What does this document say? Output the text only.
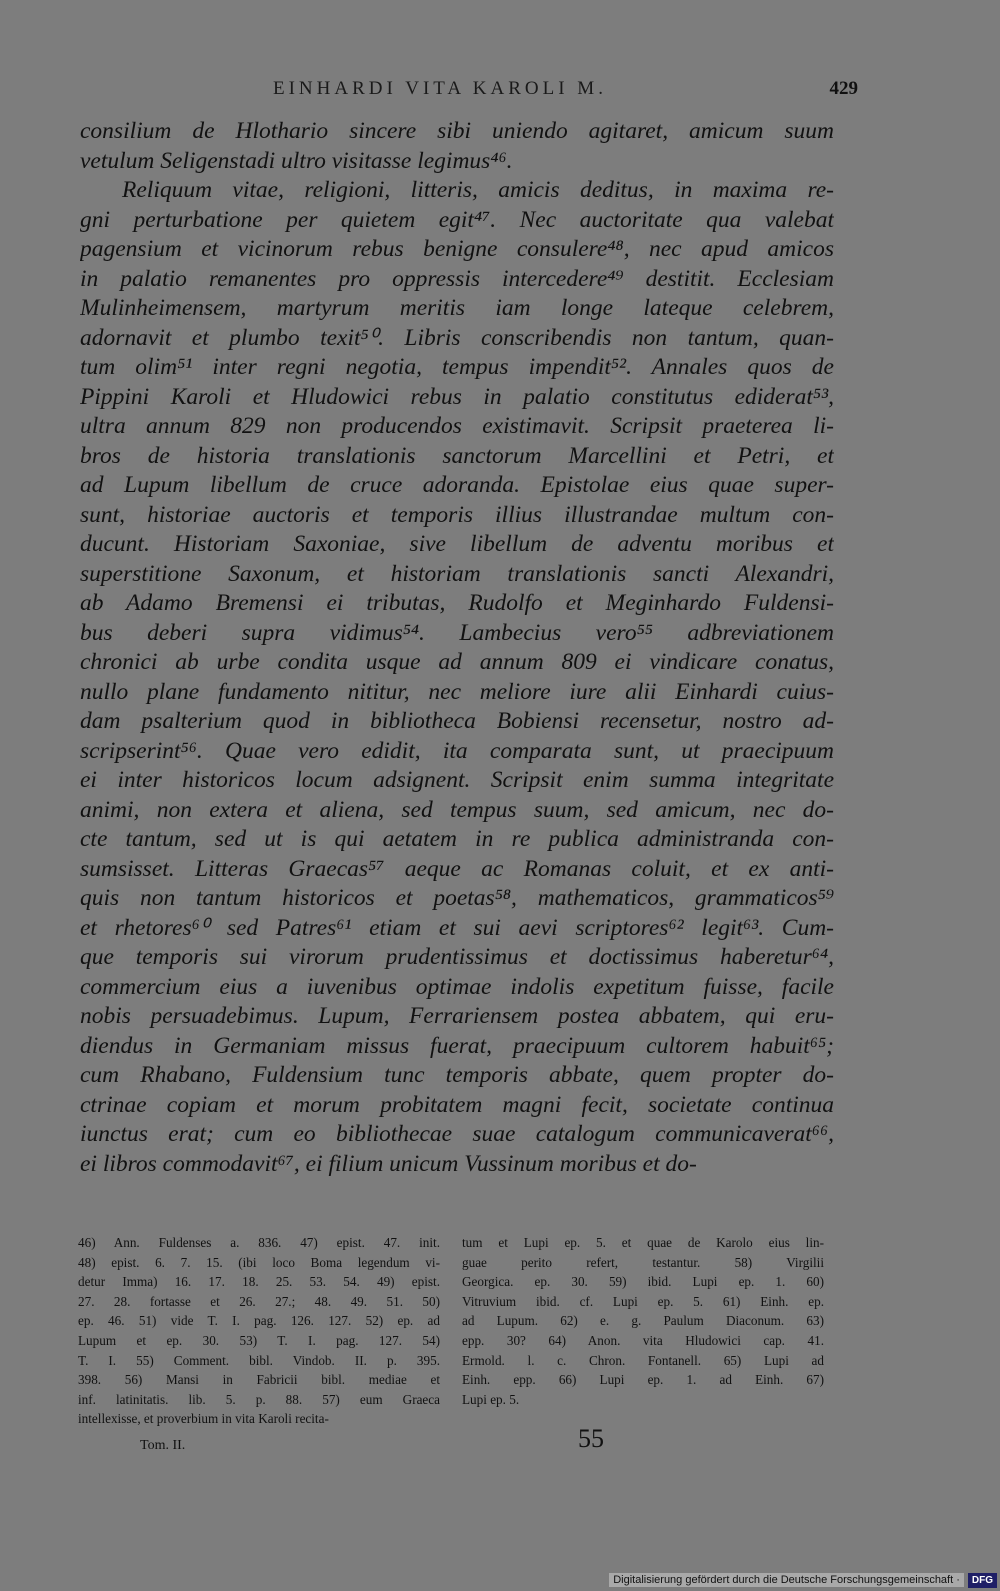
EINHARDI VITA KAROLI M.	429
consilium de Hlothario sincere sibi uniendo agitaret, amicum suum
vetulum Seligenstadi ultro visitasse legimus⁴⁶.
Reliquum vitae, religioni, litteris, amicis deditus, in maxima re-
gni perturbatione per quietem egit⁴⁷. Nec auctoritate qua valebat
pagensium et vicinorum rebus benigne consulere⁴⁸, nec apud amicos
in palatio remanentes pro oppressis intercedere⁴⁹ destitit. Ecclesiam
Mulinheimensem, martyrum meritis iam longe lateque celebrem,
adornavit et plumbo texit⁵⁰. Libris conscribendis non tantum, quan-
tum olim⁵¹ inter regni negotia, tempus impendit⁵². Annales quos de
Pippini Karoli et Hludowici rebus in palatio constitutus ediderat⁵³,
ultra annum 829 non producendos existimavit. Scripsit praeterea li-
bros de historia translationis sanctorum Marcellini et Petri, et
ad Lupum libellum de cruce adoranda. Epistolae eius quae super-
sunt, historiae auctoris et temporis illius illustrandae multum con-
ducunt. Historiam Saxoniae, sive libellum de adventu moribus et
superstitione Saxonum, et historiam translationis sancti Alexandri,
ab Adamo Bremensi ei tributas, Rudolfo et Meginhardo Fuldensi-
bus deberi supra vidimus⁵⁴. Lambecius vero⁵⁵ adbreviationem
chronici ab urbe condita usque ad annum 809 ei vindicare conatus,
nullo plane fundamento nititur, nec meliore iure alii Einhardi cuius-
dam psalterium quod in bibliotheca Bobiensi recensetur, nostro ad-
scripserint⁵⁶. Quae vero edidit, ita comparata sunt, ut praecipuum
ei inter historicos locum adsignent. Scripsit enim summa integritate
animi, non extera et aliena, sed tempus suum, sed amicum, nec do-
cte tantum, sed ut is qui aetatem in re publica administranda con-
sumsisset. Litteras Graecas⁵⁷ aeque ac Romanas coluit, et ex anti-
quis non tantum historicos et poetas⁵⁸, mathematicos, grammaticos⁵⁹
et rhetores⁶⁰ sed Patres⁶¹ etiam et sui aevi scriptores⁶² legit⁶³. Cum-
que temporis sui virorum prudentissimus et doctissimus haberetur⁶⁴,
commercium eius a iuvenibus optimae indolis expetitum fuisse, facile
nobis persuadebimus. Lupum, Ferrariensem postea abbatem, qui eru-
diendus in Germaniam missus fuerat, praecipuum cultorem habuit⁶⁵;
cum Rhabano, Fuldensium tunc temporis abbate, quem propter do-
ctrinae copiam et morum probitatem magni fecit, societate continua
iunctus erat; cum eo bibliothecae suae catalogum communicaverat⁶⁶,
ei libros commodavit⁶⁷, ei filium unicum Vussinum moribus et do-
46) Ann. Fuldenses a. 836. 47) epist. 47. init.
48) epist. 6. 7. 15. (ibi loco Boma legendum vi-
detur Imma) 16. 17. 18. 25. 53. 54. 49) epist.
27. 28. fortasse et 26. 27.; 48. 49. 51. 50)
ep. 46. 51) vide T. I. pag. 126. 127. 52) ep. ad
Lupum et ep. 30. 53) T. I. pag. 127. 54)
T. I. 55) Comment. bibl. Vindob. II. p. 395.
398. 56) Mansi in Fabricii bibl. mediae et
inf. latinitatis. lib. 5. p. 88. 57) eum Graeca
intellexisse, et proverbium in vita Karoli recita-
tum et Lupi ep. 5. et quae de Karolo eius lin-
guae perito refert, testantur. 58) Virgilii
Georgica. ep. 30. 59) ibid. Lupi ep. 1. 60)
Vitruvium ibid. cf. Lupi ep. 5. 61) Einh. ep.
ad Lupum. 62) e. g. Paulum Diaconum. 63)
epp. 30? 64) Anon. vita Hludowici cap. 41.
Ermold. l. c. Chron. Fontanell. 65) Lupi ad
Einh. epp. 66) Lupi ep. 1. ad Einh. 67)
Lupi ep. 5.
Tom. II.	55
Digitalisierung gefördert durch die Deutsche Forschungsgemeinschaft ·	DFG
